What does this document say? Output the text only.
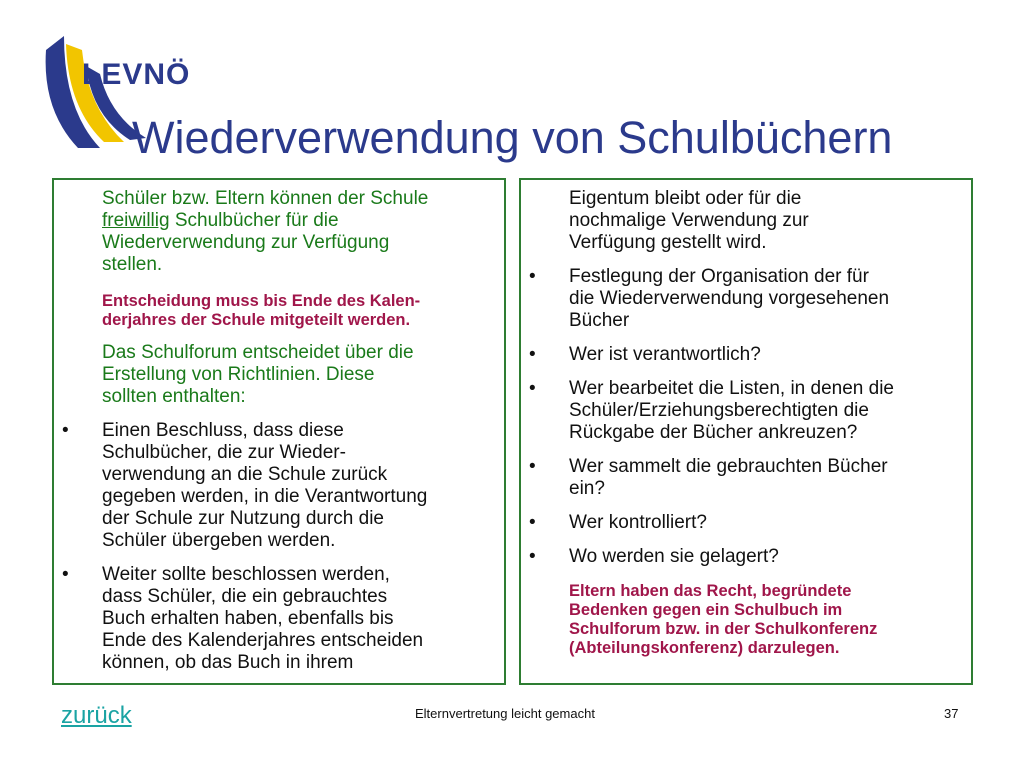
LEVNÖ
Wiederverwendung von Schulbüchern
Schüler bzw. Eltern können der Schule
freiwillig Schulbücher für die
Wiederverwendung zur Verfügung
stellen.
Entscheidung muss bis Ende des Kalen-
derjahres der Schule mitgeteilt werden.
Das Schulforum entscheidet über die
Erstellung von Richtlinien. Diese
sollten enthalten:
• Einen Beschluss, dass diese
Schulbücher, die zur Wieder-
verwendung an die Schule zurück
gegeben werden, in die Verantwortung
der Schule zur Nutzung durch die
Schüler übergeben werden.
• Weiter sollte beschlossen werden,
dass Schüler, die ein gebrauchtes
Buch erhalten haben, ebenfalls bis
Ende des Kalenderjahres entscheiden
können, ob das Buch in ihrem
Eigentum bleibt oder für die
nochmalige Verwendung zur
Verfügung gestellt wird.
• Festlegung der Organisation der für
die Wiederverwendung vorgesehenen
Bücher
• Wer ist verantwortlich?
• Wer bearbeitet die Listen, in denen die
Schüler/Erziehungsberechtigten die
Rückgabe der Bücher ankreuzen?
• Wer sammelt die gebrauchten Bücher
ein?
• Wer kontrolliert?
• Wo werden sie gelagert?
Eltern haben das Recht, begründete
Bedenken gegen ein Schulbuch im
Schulforum bzw. in der Schulkonferenz
(Abteilungskonferenz) darzulegen.
zurück	Elternvertretung leicht gemacht	37
